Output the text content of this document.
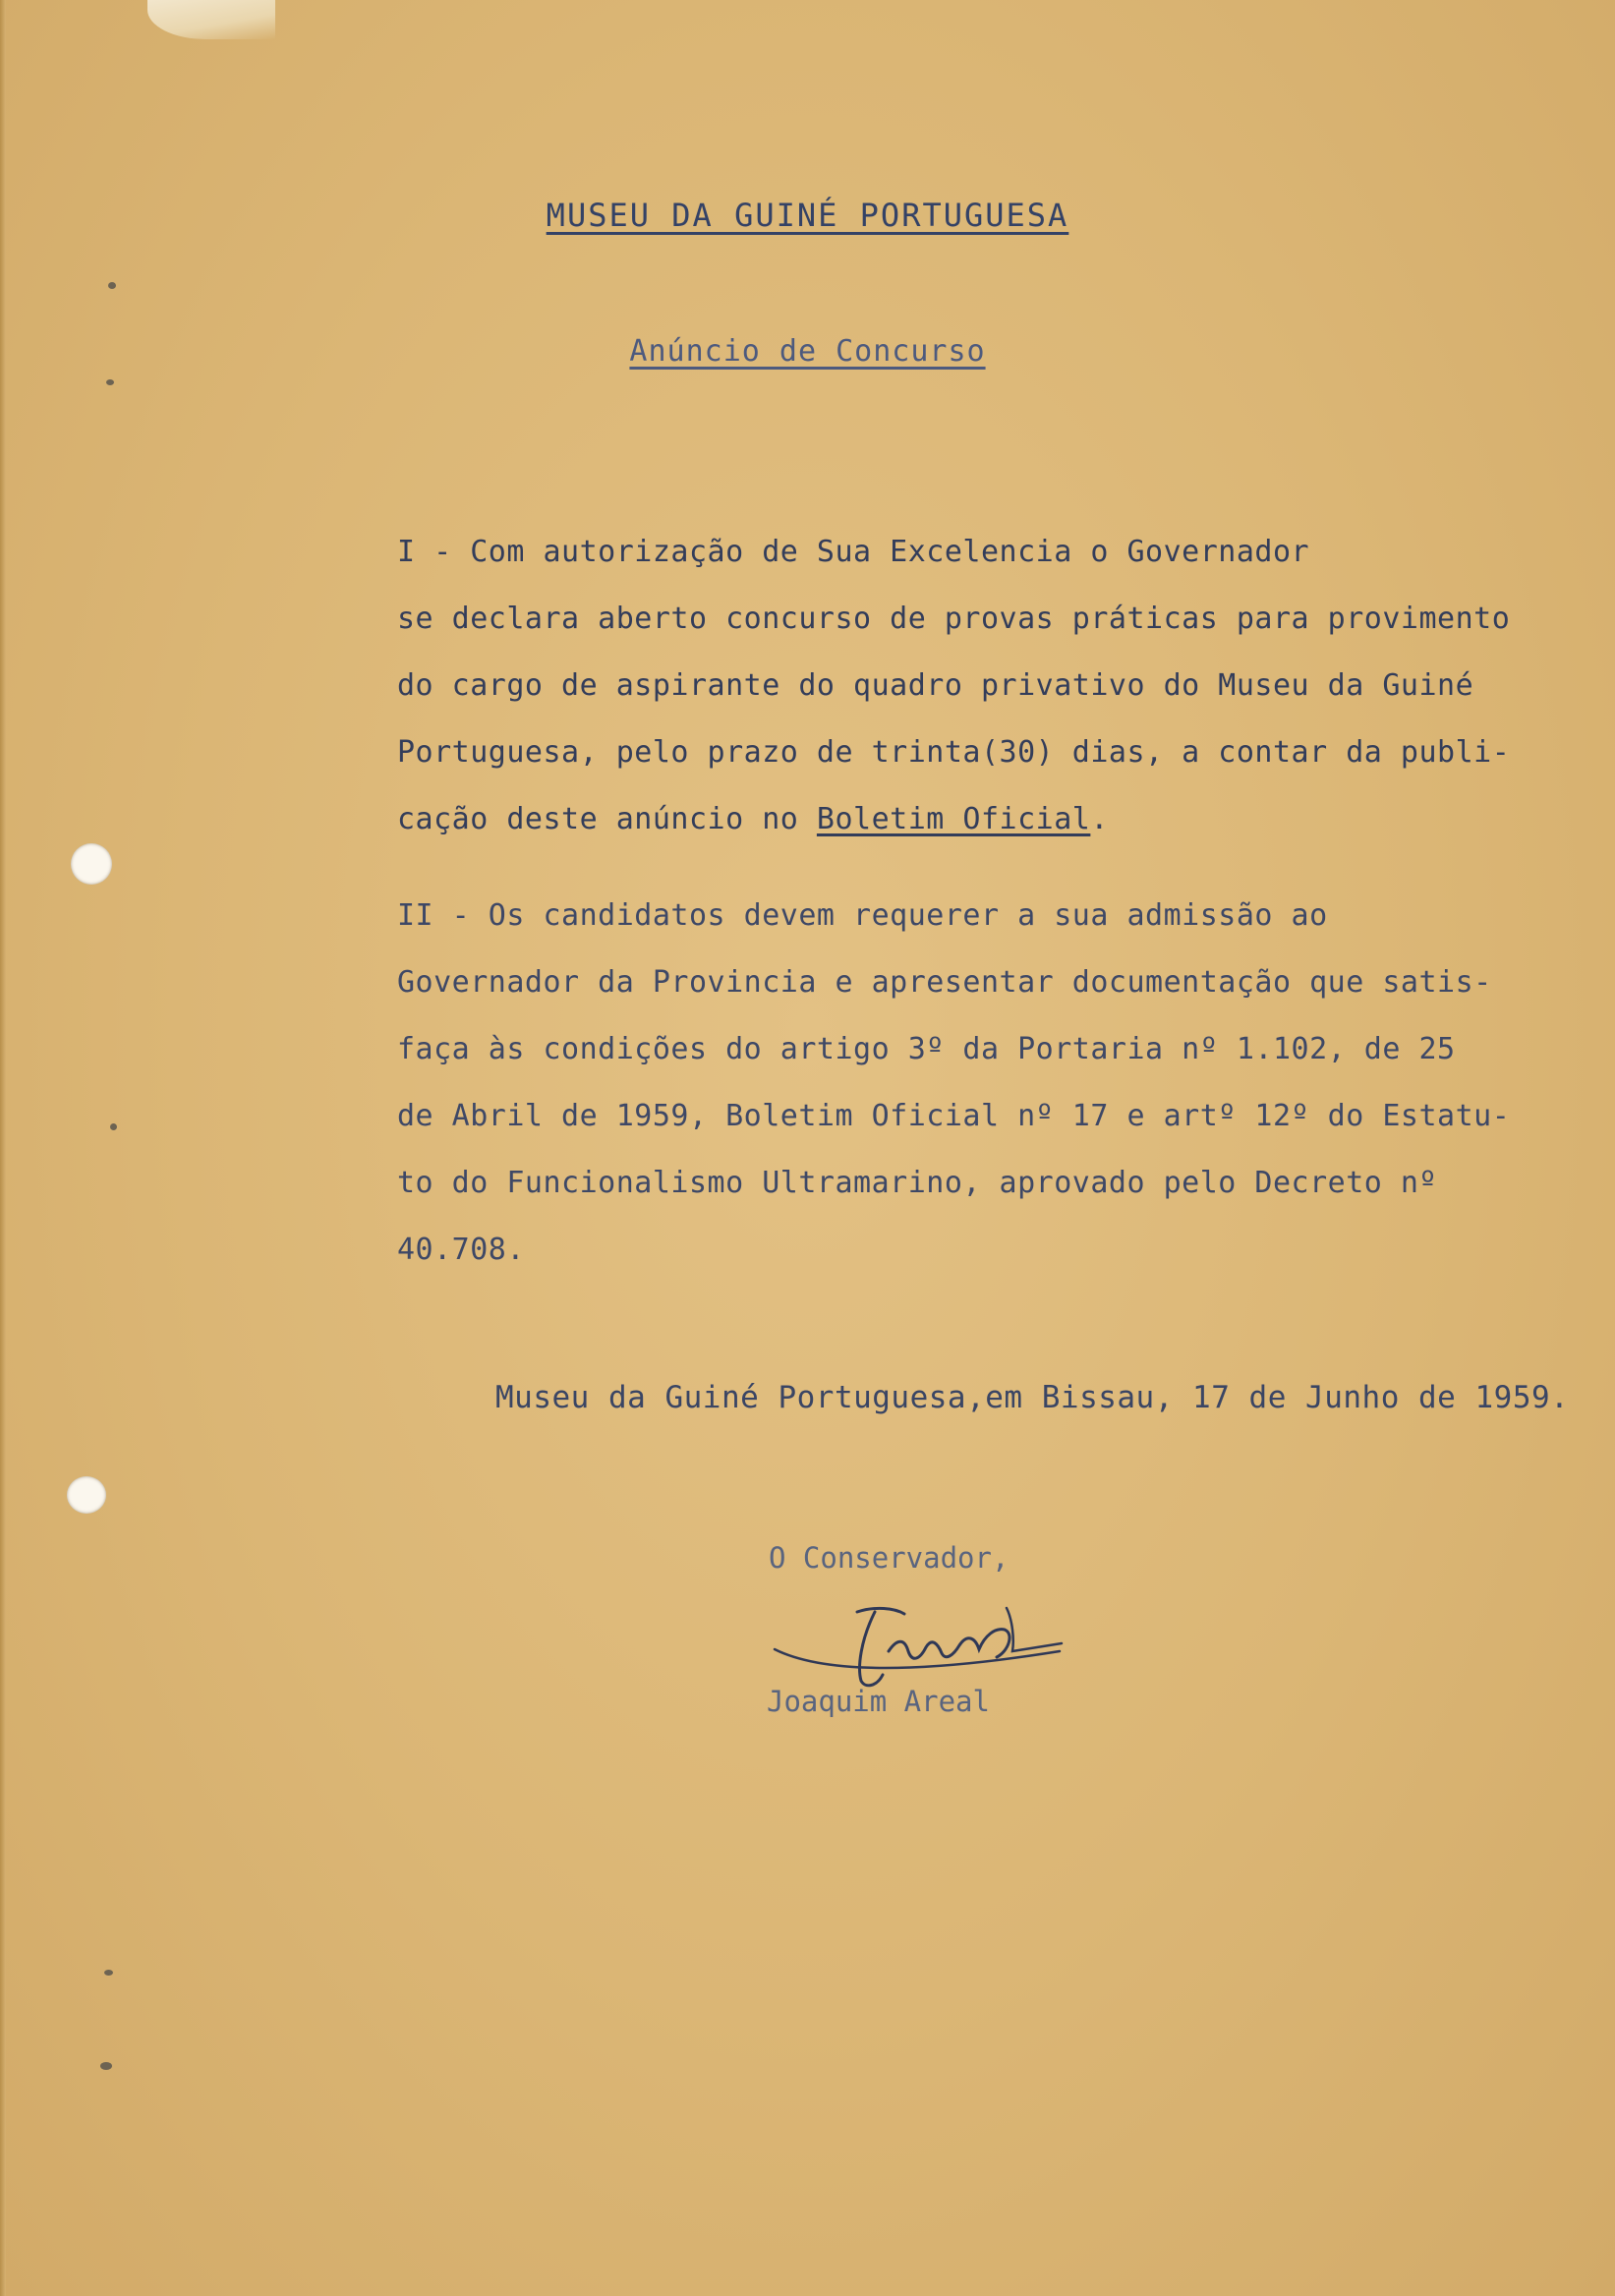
MUSEU DA GUINÉ PORTUGUESA
Anúncio de Concurso
I - Com autorização de Sua Excelencia o Governador
se declara aberto concurso de provas práticas para provimento
do cargo de aspirante do quadro privativo do Museu da Guiné
Portuguesa, pelo prazo de trinta(30) dias, a contar da publi-
cação deste anúncio no Boletim Oficial.
II - Os candidatos devem requerer a sua admissão ao
Governador da Provincia e apresentar documentação que satis-
faça às condições do artigo 3º da Portaria nº 1.102, de 25
de Abril de 1959, Boletim Oficial nº 17 e artº 12º do Estatu-
to do Funcionalismo Ultramarino, aprovado pelo Decreto nº
40.708.
Museu da Guiné Portuguesa,em Bissau, 17 de Junho de 1959.
O Conservador,
Joaquim Areal
